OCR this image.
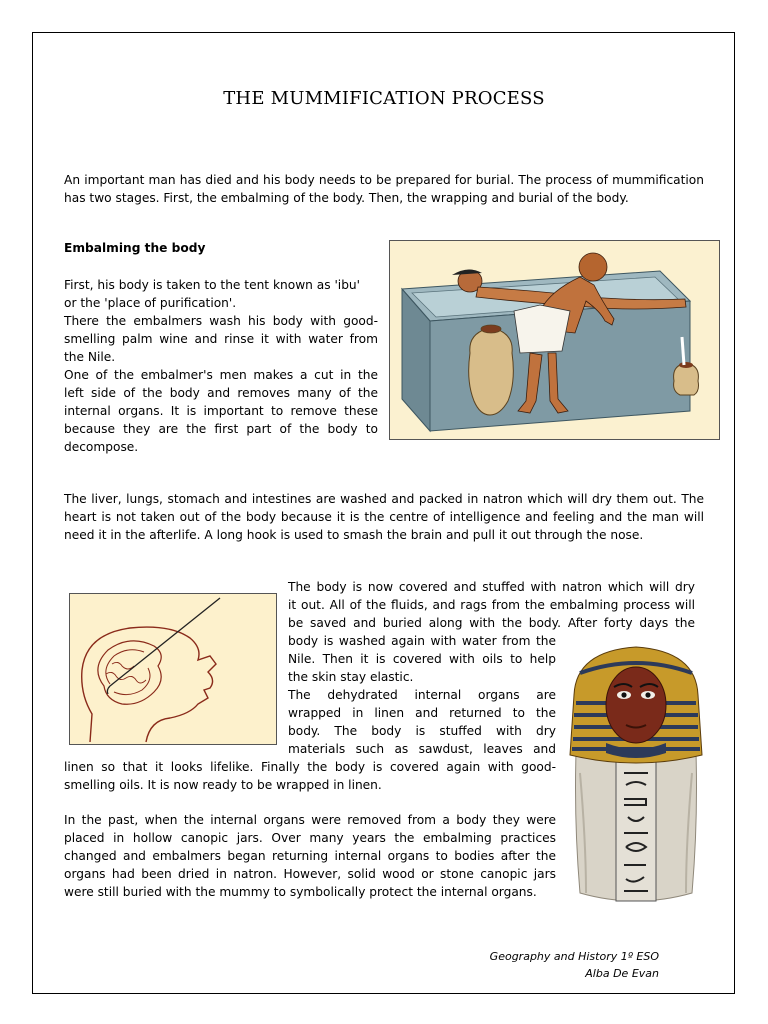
THE MUMMIFICATION PROCESS

An important man has died and his body needs to be prepared for burial. The process of mummification has two stages. First, the embalming of the body. Then, the wrapping and burial of the body.

Embalming the body
First, his body is taken to the tent known as 'ibu'
or the 'place of purification'.
There the embalmers wash his body with good-
smelling palm wine and rinse it with water from
the Nile.
One of the embalmer's men makes a cut in the
left side of the body and removes many of the
internal organs. It is important to remove these
because they are the first part of the body to
decompose.

The liver, lungs, stomach and intestines are washed and packed in natron which will dry them out. The heart is not taken out of the body because it is the centre of intelligence and feeling and the man will need it in the afterlife. A long hook is used to smash the brain and pull it out through the nose.

The body is now covered and stuffed with natron which will dry
it out. All of the fluids, and rags from the embalming process will
be saved and buried along with the body. After forty days the
body is washed again with water from the
Nile. Then it is covered with oils to help
the skin stay elastic.
The dehydrated internal organs are
wrapped in linen and returned to the
body. The body is stuffed with dry
materials such as sawdust, leaves and
linen so that it looks lifelike. Finally the body is covered again with good-
smelling oils. It is now ready to be wrapped in linen.
In the past, when the internal organs were removed from a body they were
placed in hollow canopic jars. Over many years the embalming practices
changed and embalmers began returning internal organs to bodies after the
organs had been dried in natron. However, solid wood or stone canopic jars
were still buried with the mummy to symbolically protect the internal organs.
Geography and History 1º ESO
Alba De Evan
